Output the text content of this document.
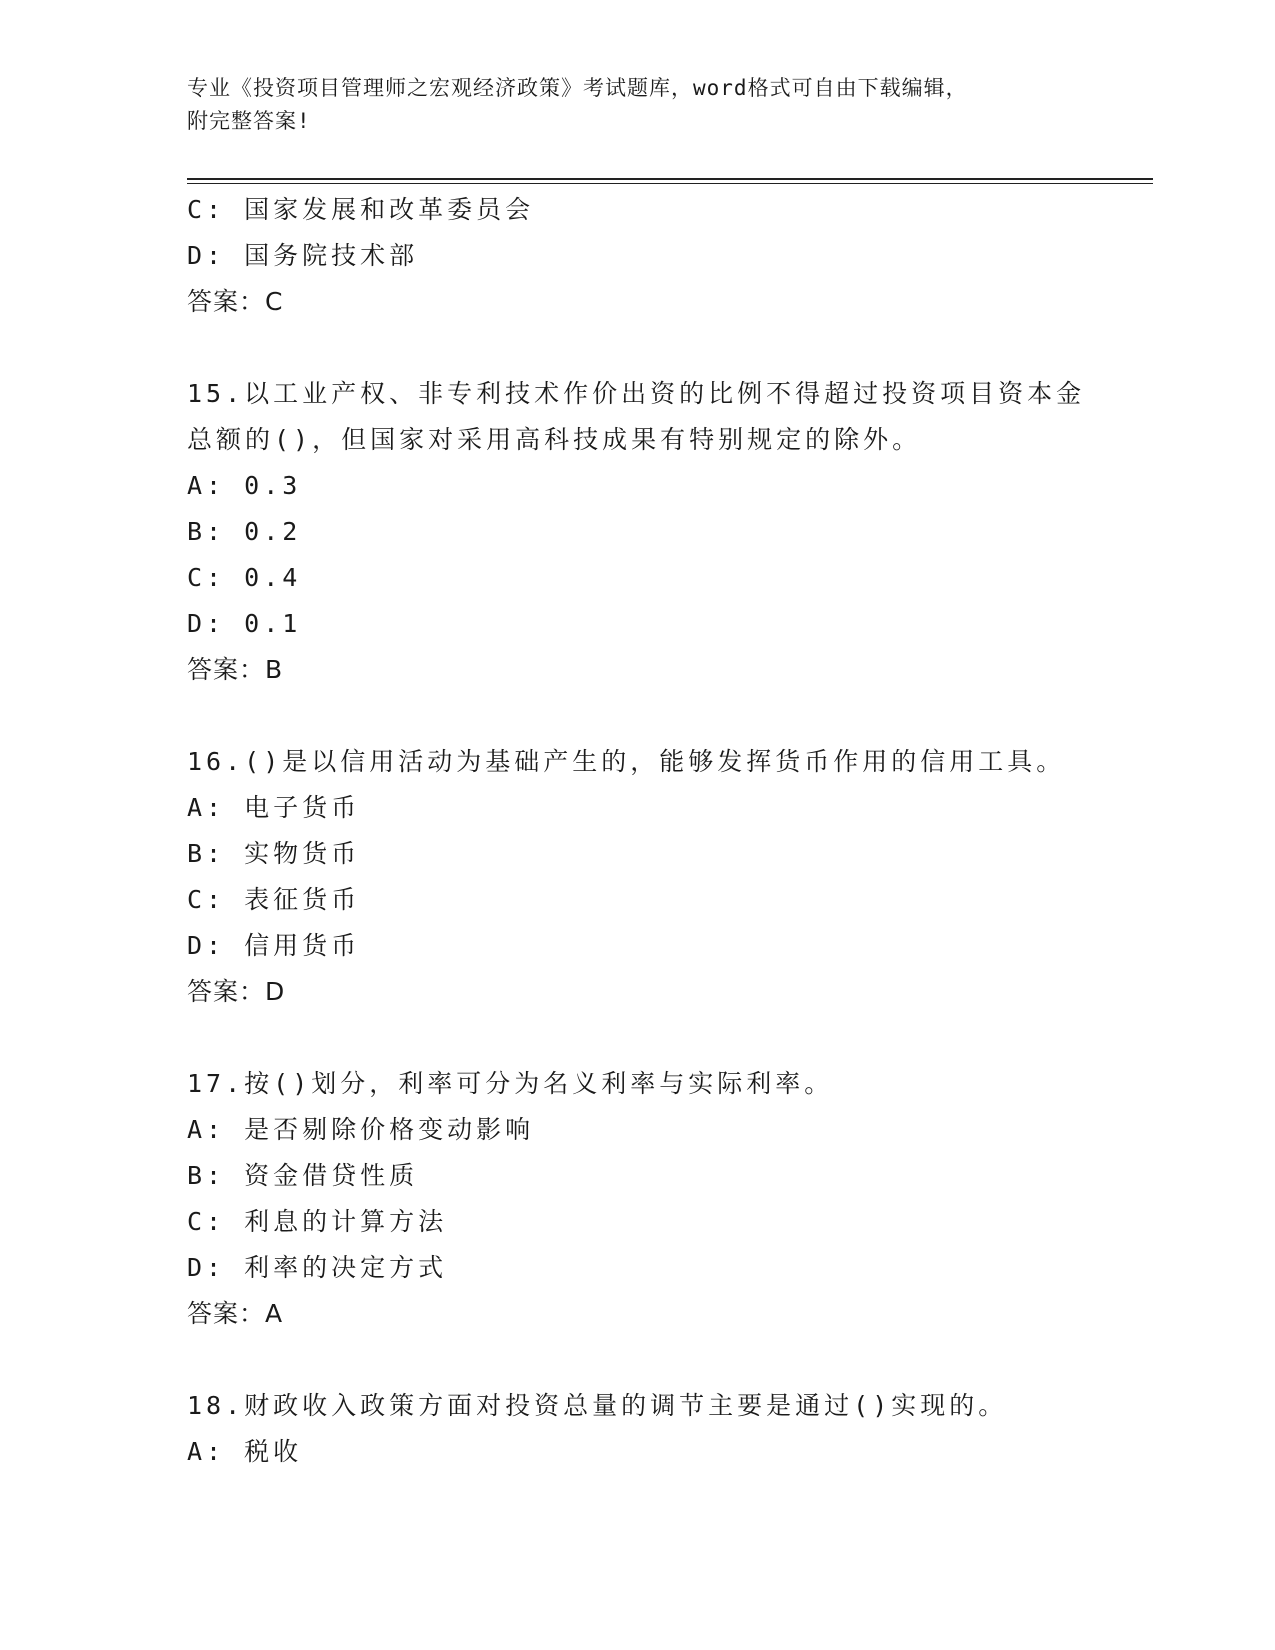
专业《投资项目管理师之宏观经济政策》考试题库，word格式可自由下载编辑，
附完整答案!
C: 国家发展和改革委员会
D: 国务院技术部
答案：C
15.以工业产权、非专利技术作价出资的比例不得超过投资项目资本金
总额的()，但国家对采用高科技成果有特别规定的除外。
A: 0.3
B: 0.2
C: 0.4
D: 0.1
答案：B
16.()是以信用活动为基础产生的，能够发挥货币作用的信用工具。
A: 电子货币
B: 实物货币
C: 表征货币
D: 信用货币
答案：D
17.按()划分，利率可分为名义利率与实际利率。
A: 是否剔除价格变动影响
B: 资金借贷性质
C: 利息的计算方法
D: 利率的决定方式
答案：A
18.财政收入政策方面对投资总量的调节主要是通过()实现的。
A: 税收
